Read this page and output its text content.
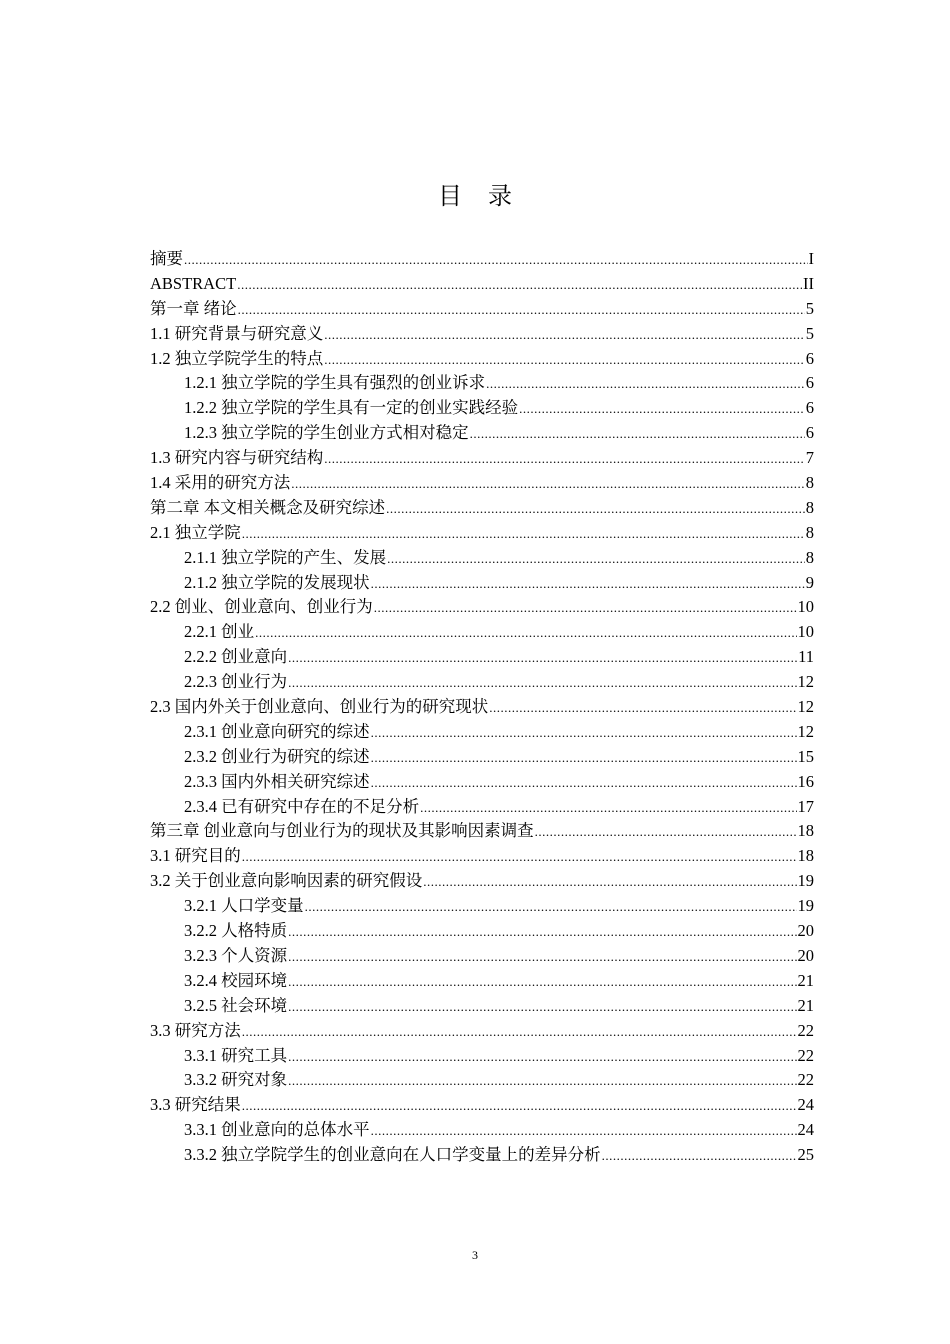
目 录
摘要 .....	I
ABSTRACT .....	II
第一章 绪论 .....	5
1.1 研究背景与研究意义 .....	5
1.2 独立学院学生的特点 .....	6
1.2.1 独立学院的学生具有强烈的创业诉求 .....	6
1.2.2 独立学院的学生具有一定的创业实践经验 .....	6
1.2.3 独立学院的学生创业方式相对稳定 .....	6
1.3 研究内容与研究结构 .....	7
1.4 采用的研究方法 .....	8
第二章 本文相关概念及研究综述 .....	8
2.1 独立学院 .....	8
2.1.1 独立学院的产生、发展 .....	8
2.1.2 独立学院的发展现状 .....	9
2.2 创业、创业意向、创业行为 .....	10
2.2.1 创业 .....	10
2.2.2 创业意向 .....	11
2.2.3 创业行为 .....	12
2.3 国内外关于创业意向、创业行为的研究现状 .....	12
2.3.1 创业意向研究的综述 .....	12
2.3.2 创业行为研究的综述 .....	15
2.3.3 国内外相关研究综述 .....	16
2.3.4 已有研究中存在的不足分析 .....	17
第三章 创业意向与创业行为的现状及其影响因素调查 .....	18
3.1 研究目的 .....	18
3.2 关于创业意向影响因素的研究假设 .....	19
3.2.1 人口学变量 .....	19
3.2.2 人格特质 .....	20
3.2.3 个人资源 .....	20
3.2.4 校园环境 .....	21
3.2.5 社会环境 .....	21
3.3 研究方法 .....	22
3.3.1 研究工具 .....	22
3.3.2 研究对象 .....	22
3.3 研究结果 .....	24
3.3.1 创业意向的总体水平 .....	24
3.3.2 独立学院学生的创业意向在人口学变量上的差异分析 .....	25
3
